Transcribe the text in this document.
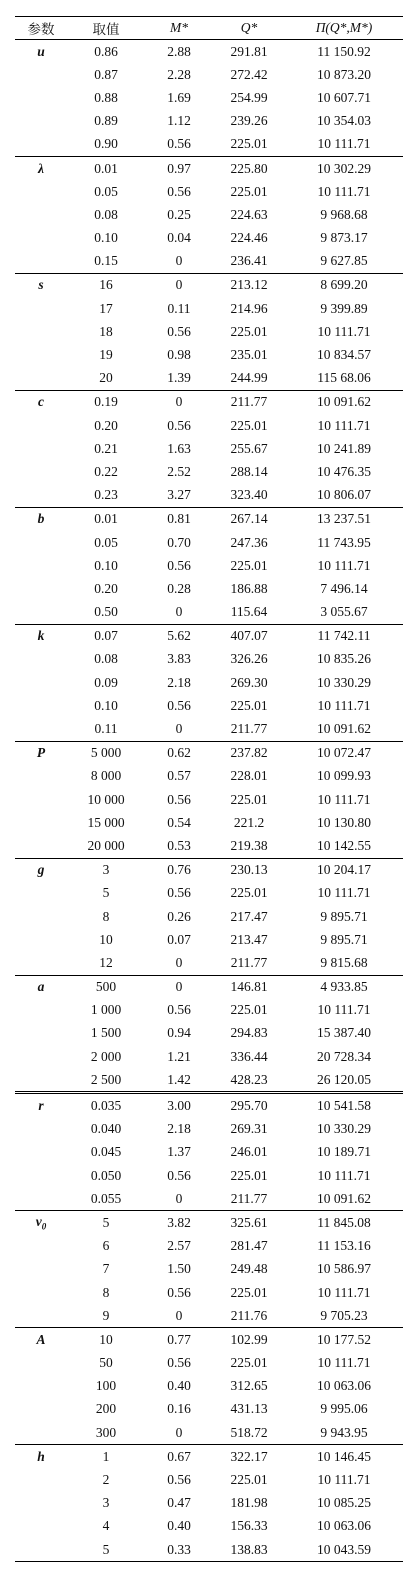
参数	取值	M*	Q*	Π(Q*,M*)
u	0.86	2.88	291.81	11 150.92
	0.87	2.28	272.42	10 873.20
	0.88	1.69	254.99	10 607.71
	0.89	1.12	239.26	10 354.03
	0.90	0.56	225.01	10 111.71
λ	0.01	0.97	225.80	10 302.29
	0.05	0.56	225.01	10 111.71
	0.08	0.25	224.63	9 968.68
	0.10	0.04	224.46	9 873.17
	0.15	0	236.41	9 627.85
s	16	0	213.12	8 699.20
	17	0.11	214.96	9 399.89
	18	0.56	225.01	10 111.71
	19	0.98	235.01	10 834.57
	20	1.39	244.99	115 68.06
c	0.19	0	211.77	10 091.62
	0.20	0.56	225.01	10 111.71
	0.21	1.63	255.67	10 241.89
	0.22	2.52	288.14	10 476.35
	0.23	3.27	323.40	10 806.07
b	0.01	0.81	267.14	13 237.51
	0.05	0.70	247.36	11 743.95
	0.10	0.56	225.01	10 111.71
	0.20	0.28	186.88	7 496.14
	0.50	0	115.64	3 055.67
k	0.07	5.62	407.07	11 742.11
	0.08	3.83	326.26	10 835.26
	0.09	2.18	269.30	10 330.29
	0.10	0.56	225.01	10 111.71
	0.11	0	211.77	10 091.62
P	5 000	0.62	237.82	10 072.47
	8 000	0.57	228.01	10 099.93
	10 000	0.56	225.01	10 111.71
	15 000	0.54	221.2	10 130.80
	20 000	0.53	219.38	10 142.55
g	3	0.76	230.13	10 204.17
	5	0.56	225.01	10 111.71
	8	0.26	217.47	9 895.71
	10	0.07	213.47	9 895.71
	12	0	211.77	9 815.68
a	500	0	146.81	4 933.85
	1 000	0.56	225.01	10 111.71
	1 500	0.94	294.83	15 387.40
	2 000	1.21	336.44	20 728.34
	2 500	1.42	428.23	26 120.05
r	0.035	3.00	295.70	10 541.58
	0.040	2.18	269.31	10 330.29
	0.045	1.37	246.01	10 189.71
	0.050	0.56	225.01	10 111.71
	0.055	0	211.77	10 091.62
$v_0$	5	3.82	325.61	11 845.08
	6	2.57	281.47	11 153.16
	7	1.50	249.48	10 586.97
	8	0.56	225.01	10 111.71
	9	0	211.76	9 705.23
A	10	0.77	102.99	10 177.52
	50	0.56	225.01	10 111.71
	100	0.40	312.65	10 063.06
	200	0.16	431.13	9 995.06
	300	0	518.72	9 943.95
h	1	0.67	322.17	10 146.45
	2	0.56	225.01	10 111.71
	3	0.47	181.98	10 085.25
	4	0.40	156.33	10 063.06
	5	0.33	138.83	10 043.59
